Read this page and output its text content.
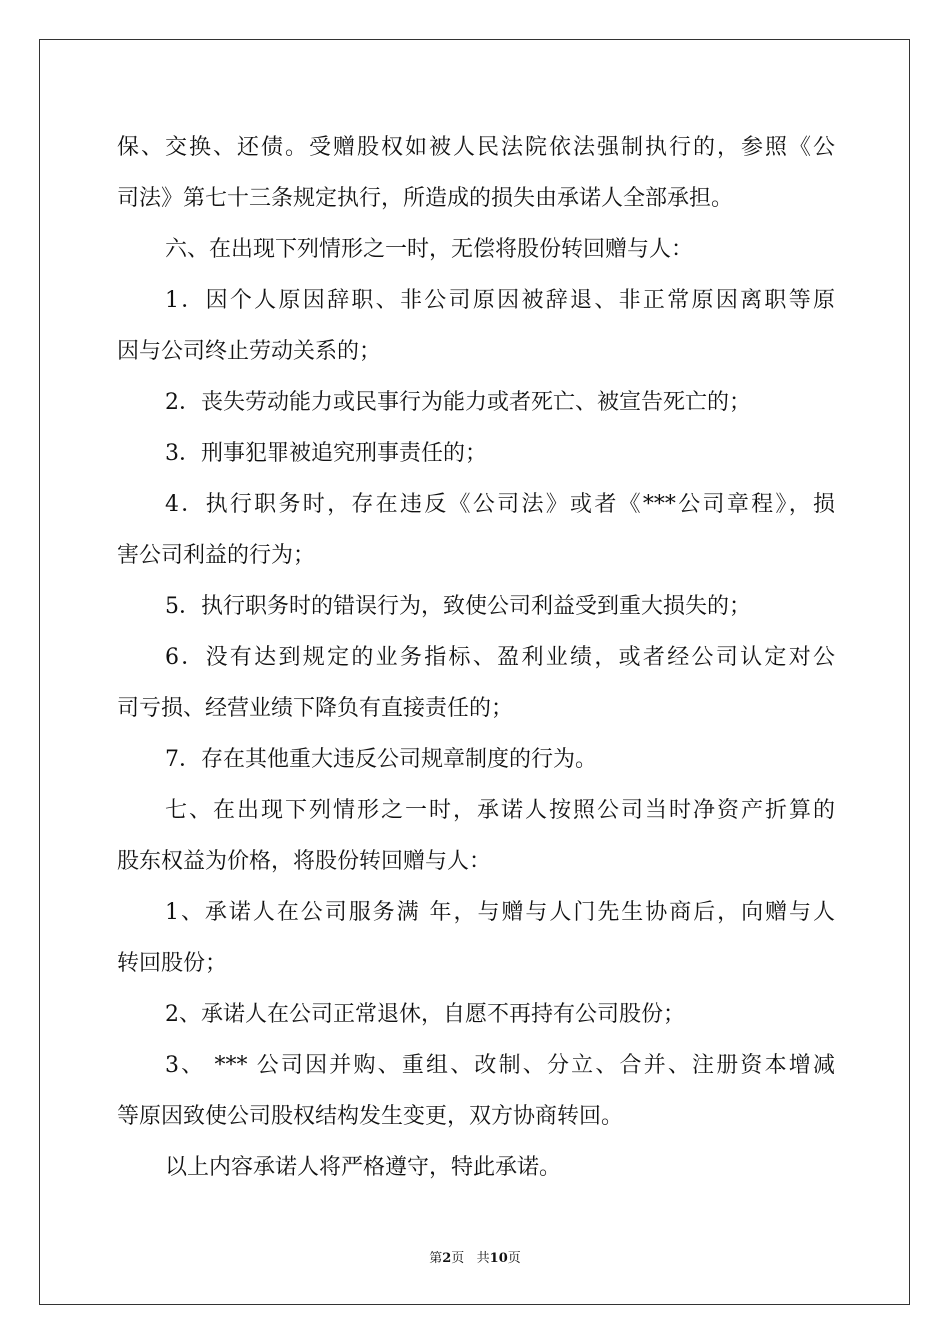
保、交换、还债。受赠股权如被人民法院依法强制执行的，参照《公
司法》第七十三条规定执行，所造成的损失由承诺人全部承担。
六、在出现下列情形之一时，无偿将股份转回赠与人：
1．因个人原因辞职、非公司原因被辞退、非正常原因离职等原
因与公司终止劳动关系的；
2．丧失劳动能力或民事行为能力或者死亡、被宣告死亡的；
3．刑事犯罪被追究刑事责任的；
4．执行职务时，存在违反《公司法》或者《***公司章程》，损
害公司利益的行为；
5．执行职务时的错误行为，致使公司利益受到重大损失的；
6．没有达到规定的业务指标、盈利业绩，或者经公司认定对公
司亏损、经营业绩下降负有直接责任的；
7．存在其他重大违反公司规章制度的行为。
七、在出现下列情形之一时，承诺人按照公司当时净资产折算的
股东权益为价格，将股份转回赠与人：
1、承诺人在公司服务满 年，与赠与人门先生协商后，向赠与人
转回股份；
2、承诺人在公司正常退休，自愿不再持有公司股份；
3、 *** 公司因并购、重组、改制、分立、合并、注册资本增减
等原因致使公司股权结构发生变更，双方协商转回。
以上内容承诺人将严格遵守，特此承诺。
第2页   共10页
